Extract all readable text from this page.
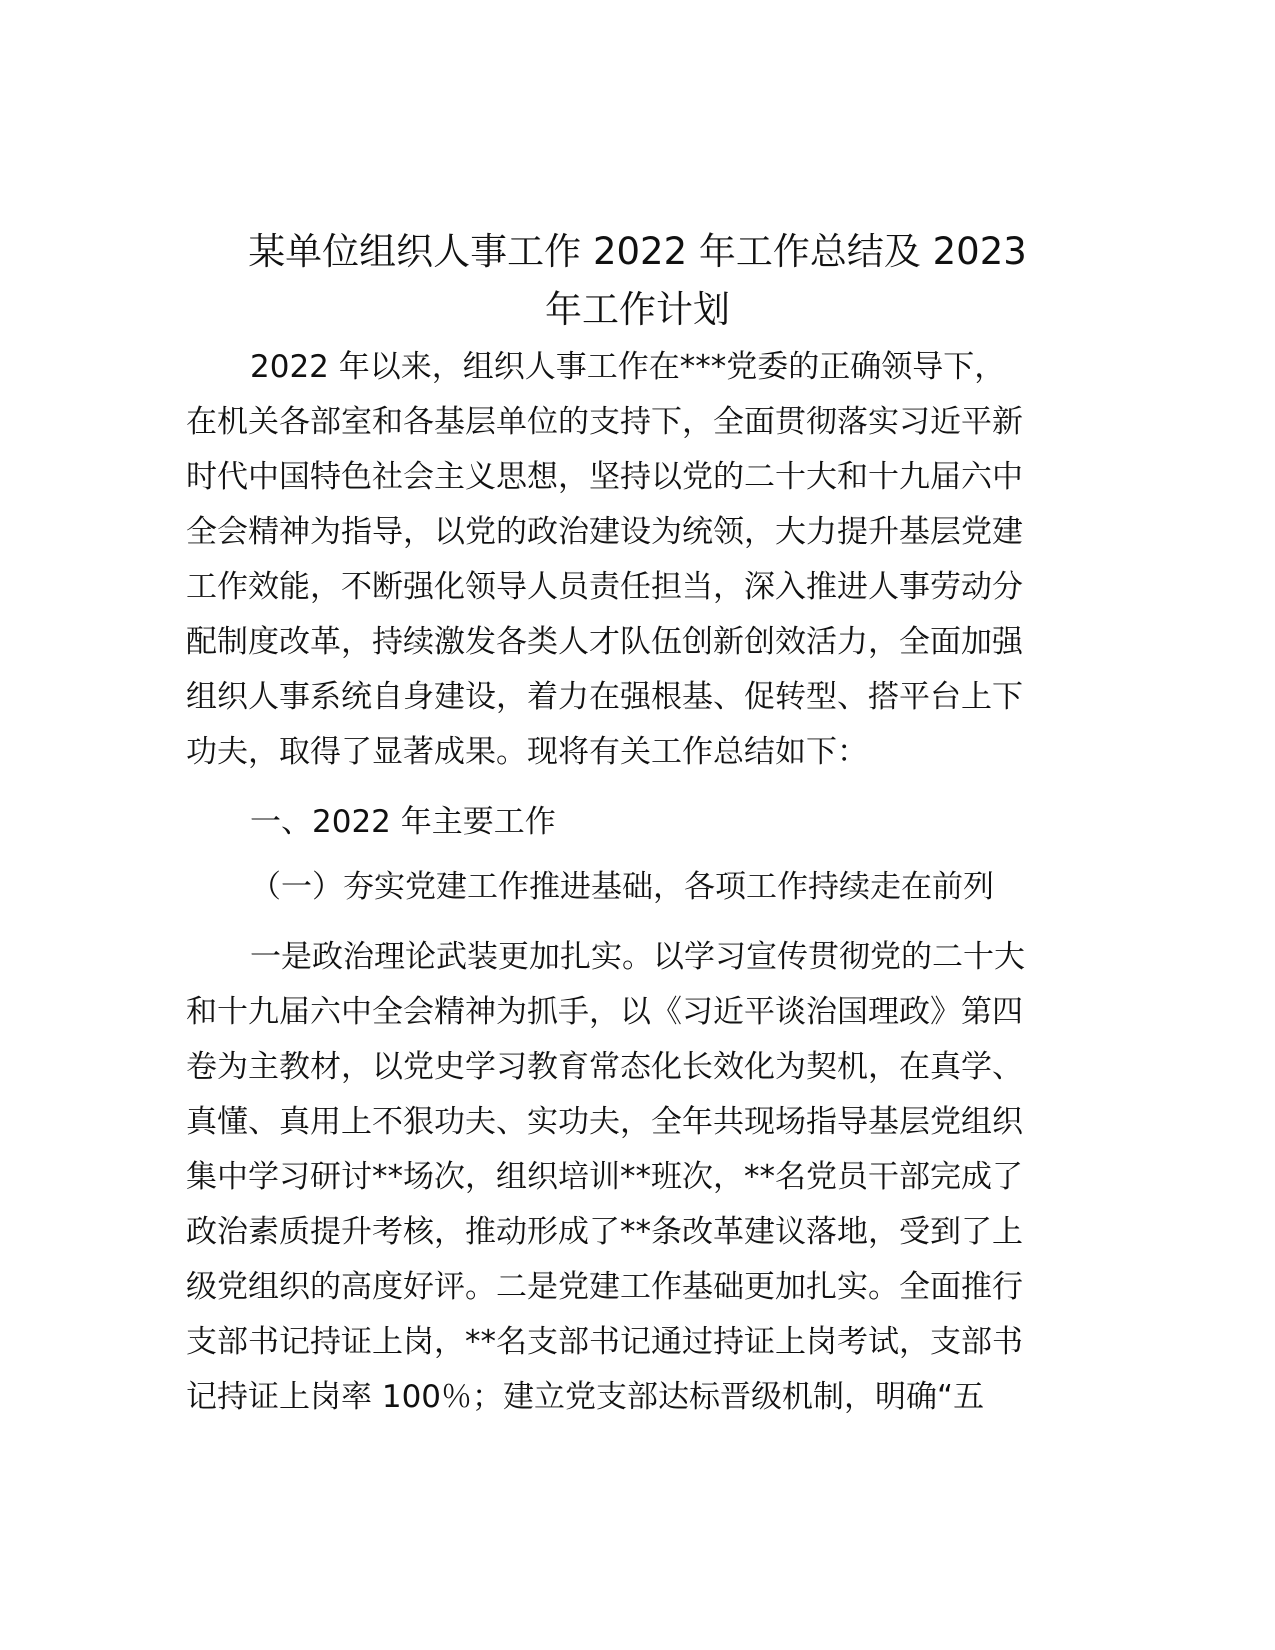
某单位组织人事工作 2022 年工作总结及 2023
年工作计划

2022 年以来，组织人事工作在***党委的正确领导下，

在机关各部室和各基层单位的支持下，全面贯彻落实习近平新

时代中国特色社会主义思想，坚持以党的二十大和十九届六中

全会精神为指导，以党的政治建设为统领，大力提升基层党建

工作效能，不断强化领导人员责任担当，深入推进人事劳动分

配制度改革，持续激发各类人才队伍创新创效活力，全面加强

组织人事系统自身建设，着力在强根基、促转型、搭平台上下

功夫，取得了显著成果。现将有关工作总结如下：

一、2022 年主要工作

（一）夯实党建工作推进基础，各项工作持续走在前列

一是政治理论武装更加扎实。以学习宣传贯彻党的二十大

和十九届六中全会精神为抓手，以《习近平谈治国理政》第四

卷为主教材，以党史学习教育常态化长效化为契机，在真学、

真懂、真用上不狠功夫、实功夫，全年共现场指导基层党组织

集中学习研讨**场次，组织培训**班次，**名党员干部完成了

政治素质提升考核，推动形成了**条改革建议落地，受到了上

级党组织的高度好评。二是党建工作基础更加扎实。全面推行

支部书记持证上岗，**名支部书记通过持证上岗考试，支部书

记持证上岗率 100％；建立党支部达标晋级机制，明确“五
